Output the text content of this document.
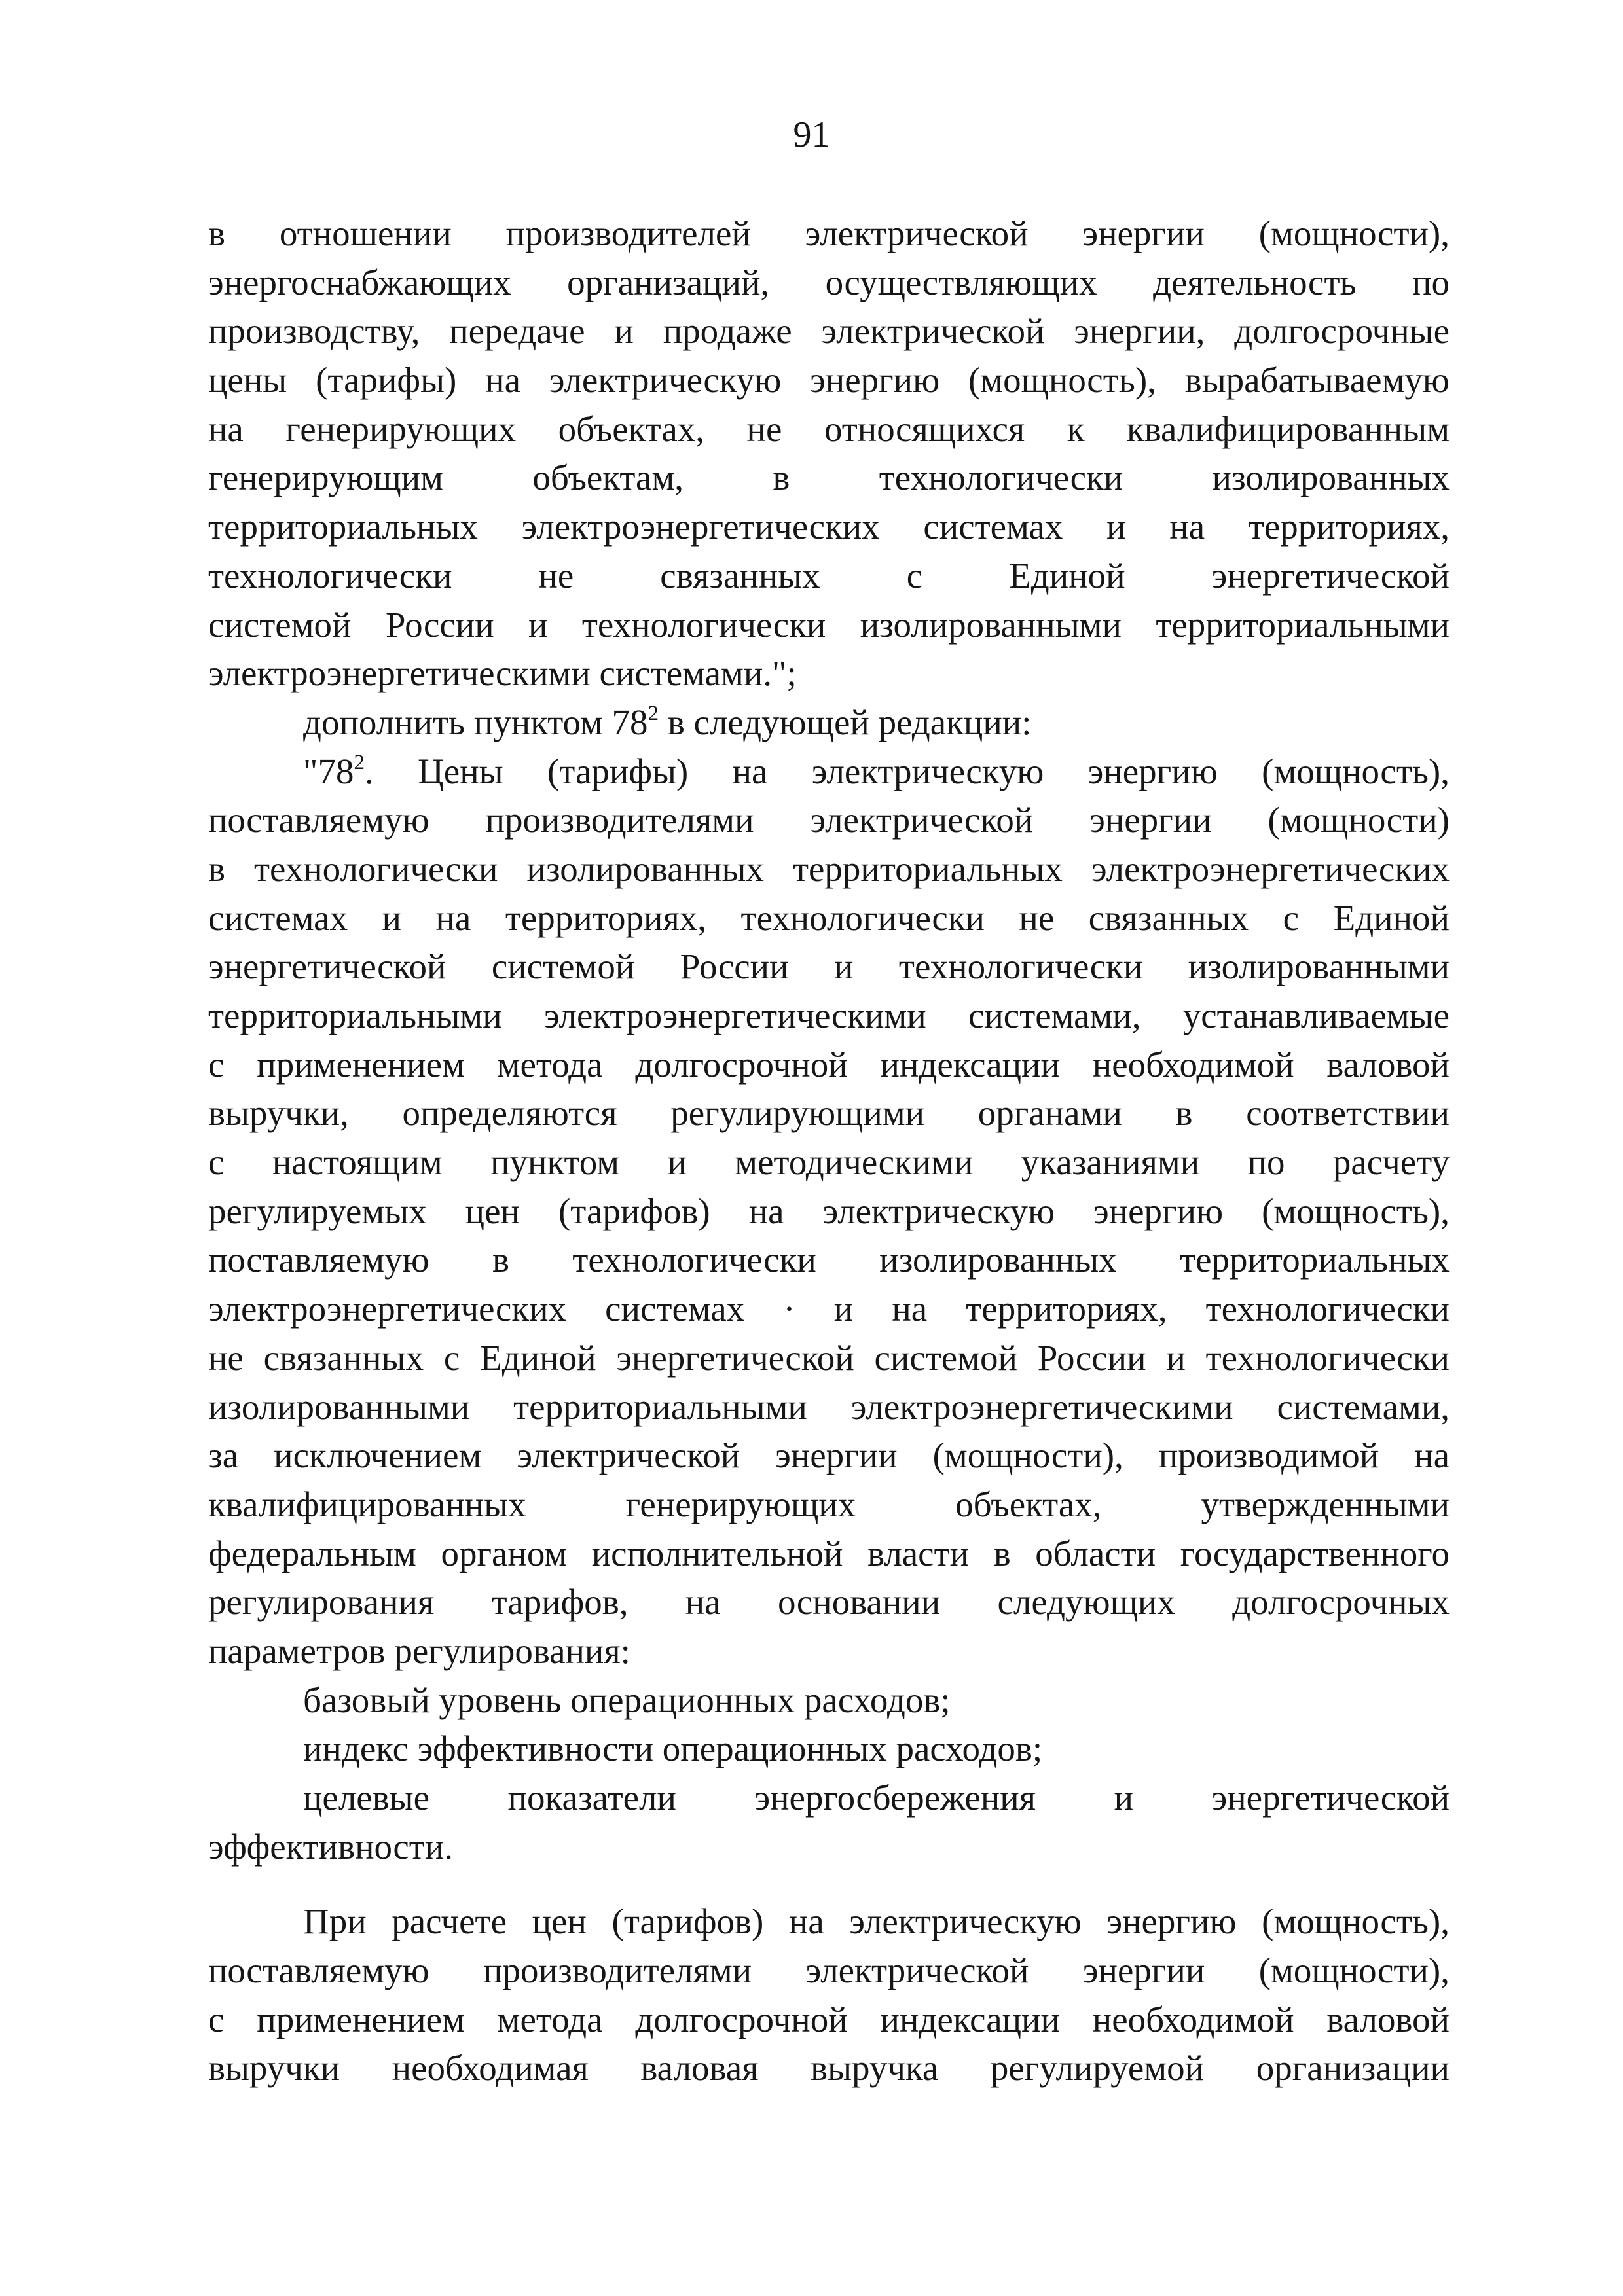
91
в отношении производителей электрической энергии (мощности),
энергоснабжающих организаций, осуществляющих деятельность по
производству, передаче и продаже электрической энергии, долгосрочные
цены (тарифы) на электрическую энергию (мощность), вырабатываемую
на генерирующих объектах, не относящихся к квалифицированным
генерирующим объектам, в технологически изолированных
территориальных электроэнергетических системах и на территориях,
технологически не связанных с Единой энергетической
системой России и технологически изолированными территориальными
электроэнергетическими системами.";
дополнить пунктом $78^2$ в следующей редакции:
"$78^2$. Цены (тарифы) на электрическую энергию (мощность),
поставляемую производителями электрической энергии (мощности)
в технологически изолированных территориальных электроэнергетических
системах и на территориях, технологически не связанных с Единой
энергетической системой России и технологически изолированными
территориальными электроэнергетическими системами, устанавливаемые
с применением метода долгосрочной индексации необходимой валовой
выручки, определяются регулирующими органами в соответствии
с настоящим пунктом и методическими указаниями по расчету
регулируемых цен (тарифов) на электрическую энергию (мощность),
поставляемую в технологически изолированных территориальных
электроэнергетических системах · и на территориях, технологически
не связанных с Единой энергетической системой России и технологически
изолированными территориальными электроэнергетическими системами,
за исключением электрической энергии (мощности), производимой на
квалифицированных генерирующих объектах, утвержденными
федеральным органом исполнительной власти в области государственного
регулирования тарифов, на основании следующих долгосрочных
параметров регулирования:
базовый уровень операционных расходов;
индекс эффективности операционных расходов;
целевые показатели энергосбережения и энергетической
эффективности.
При расчете цен (тарифов) на электрическую энергию (мощность),
поставляемую производителями электрической энергии (мощности),
с применением метода долгосрочной индексации необходимой валовой
выручки необходимая валовая выручка регулируемой организации
